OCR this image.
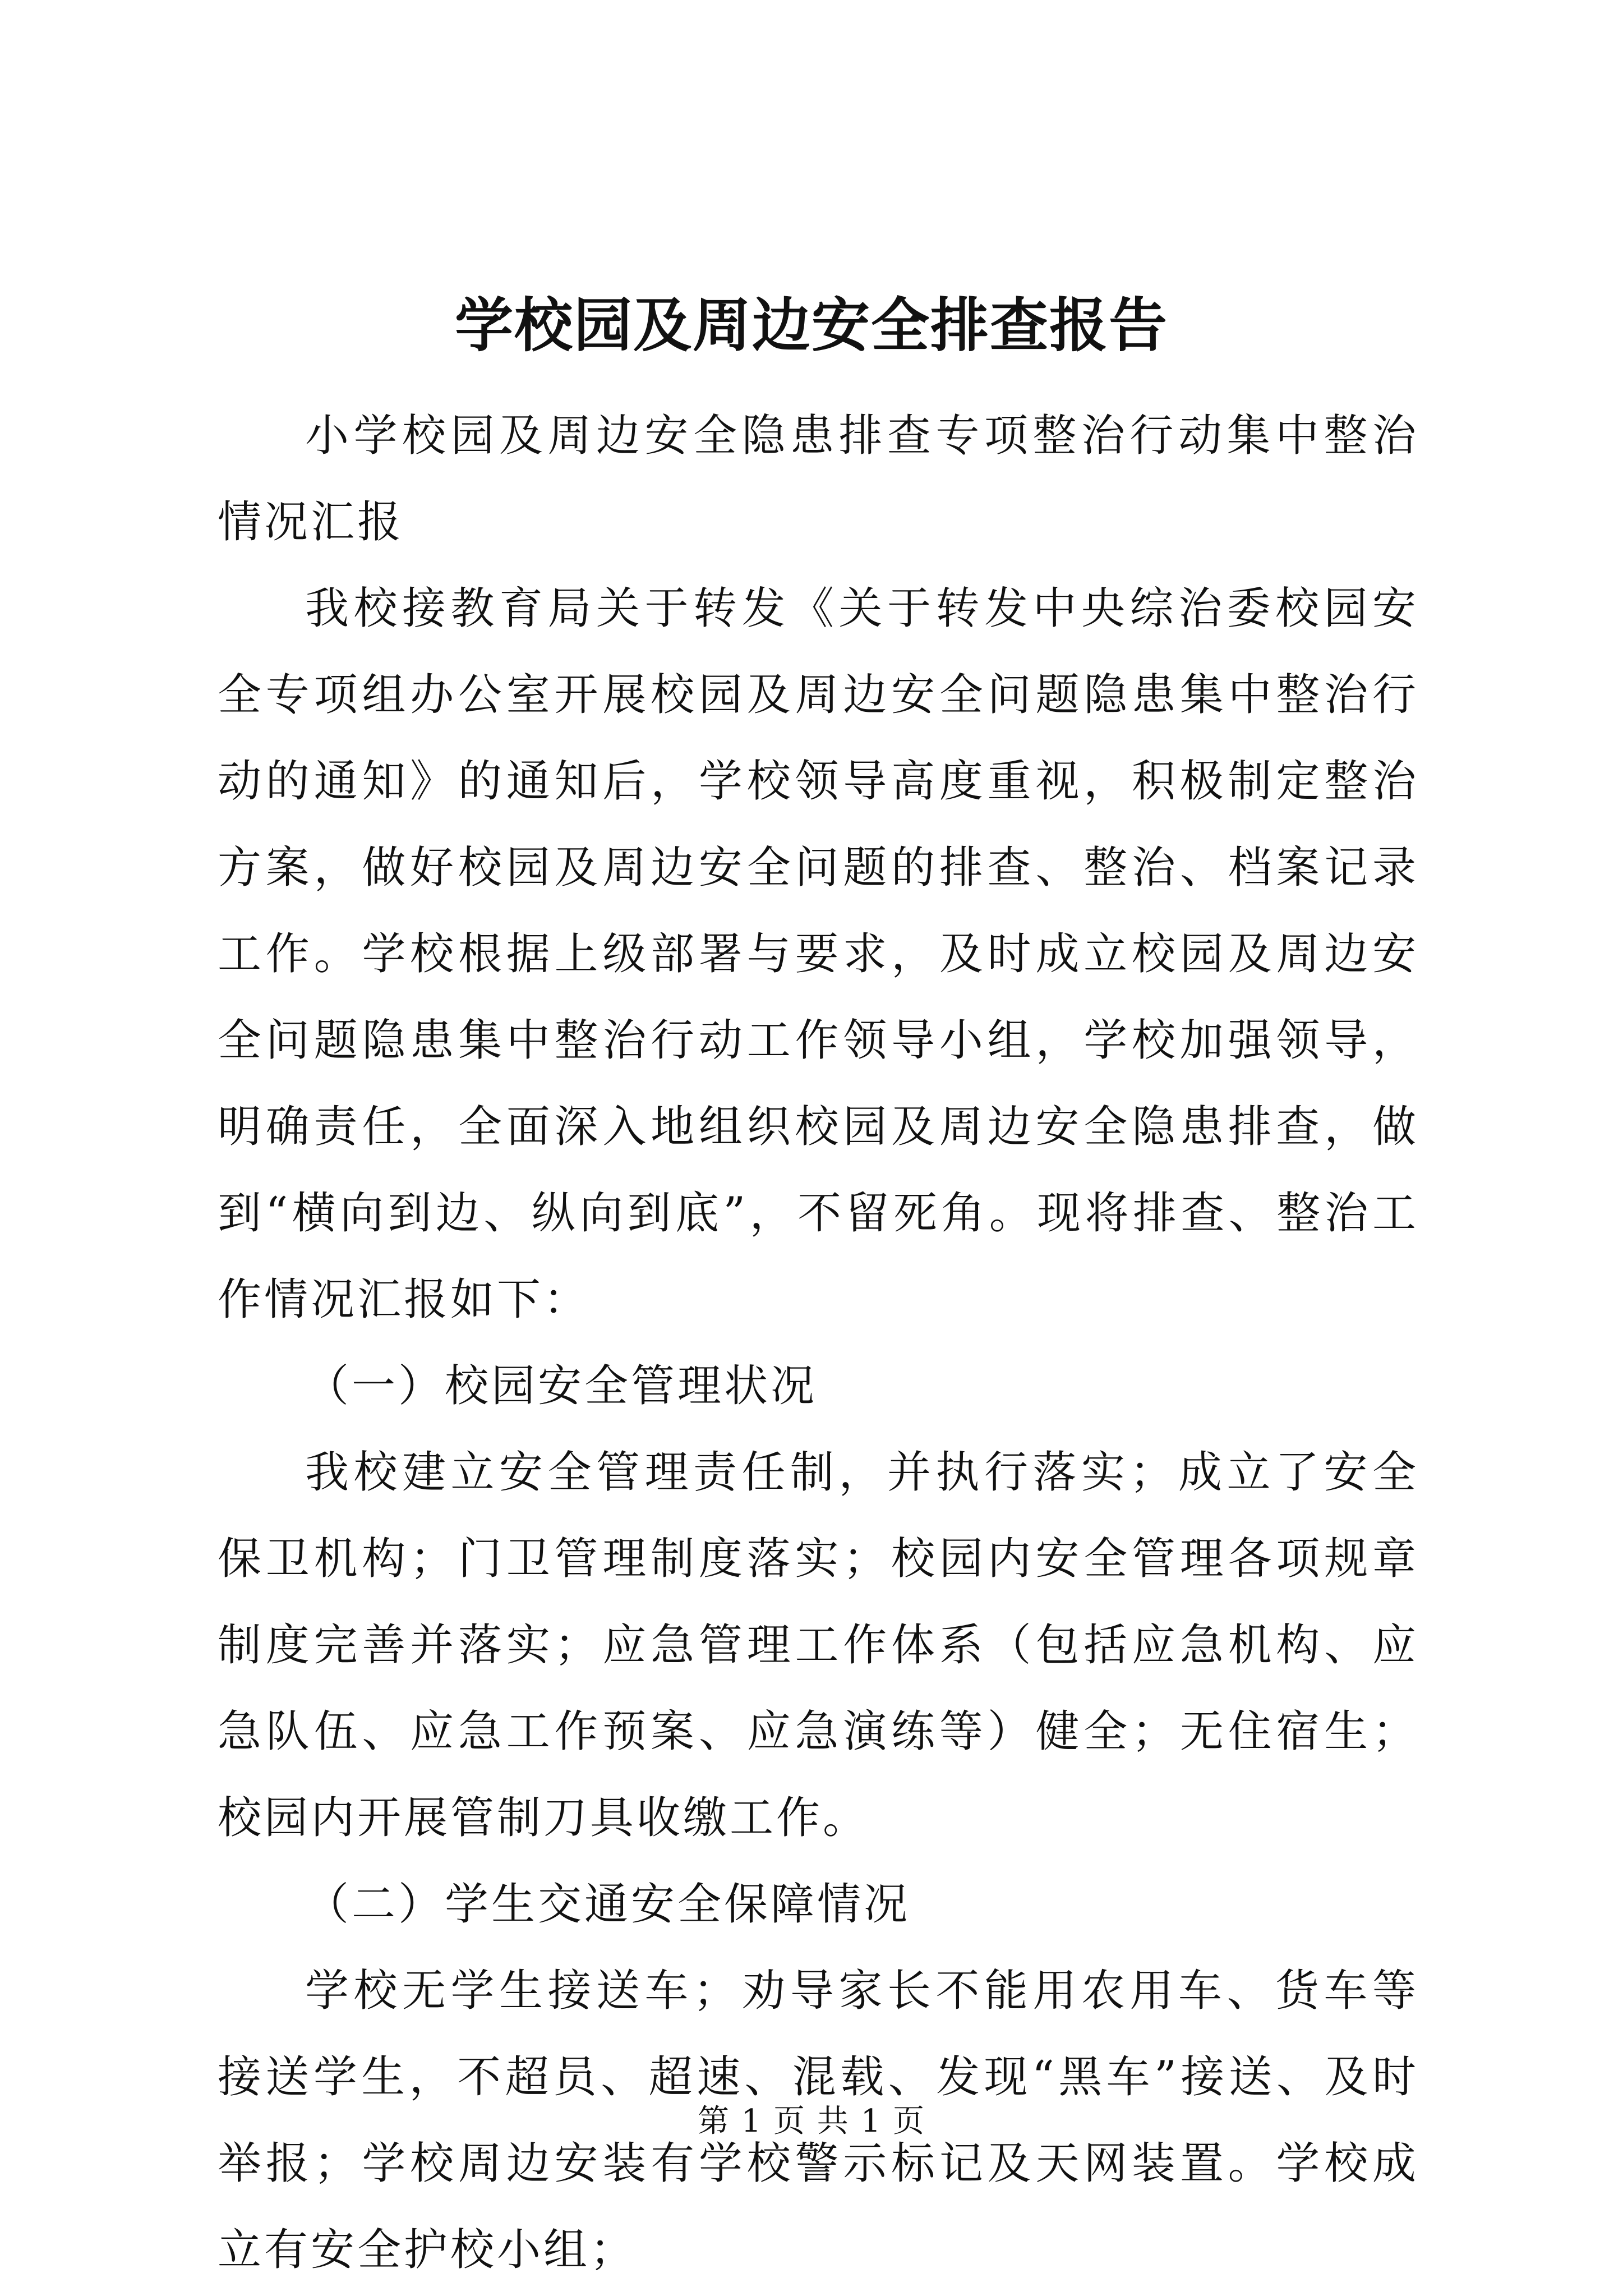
学校园及周边安全排查报告

小学校园及周边安全隐患排查专项整治行动集中整治情况汇报

我校接教育局关于转发《关于转发中央综治委校园安全专项组办公室开展校园及周边安全问题隐患集中整治行动的通知》的通知后，学校领导高度重视，积极制定整治方案，做好校园及周边安全问题的排查、整治、档案记录工作。学校根据上级部署与要求，及时成立校园及周边安全问题隐患集中整治行动工作领导小组，学校加强领导，明确责任，全面深入地组织校园及周边安全隐患排查，做到“横向到边、纵向到底”，不留死角。现将排查、整治工作情况汇报如下：

（一）校园安全管理状况

我校建立安全管理责任制，并执行落实；成立了安全保卫机构；门卫管理制度落实；校园内安全管理各项规章制度完善并落实；应急管理工作体系（包括应急机构、应急队伍、应急工作预案、应急演练等）健全；无住宿生；校园内开展管制刀具收缴工作。

（二）学生交通安全保障情况

学校无学生接送车；劝导家长不能用农用车、货车等接送学生，不超员、超速、混载、发现“黑车”接送、及时举报；学校周边安装有学校警示标记及天网装置。学校成立有安全护校小组；

第 1 页 共 1 页
